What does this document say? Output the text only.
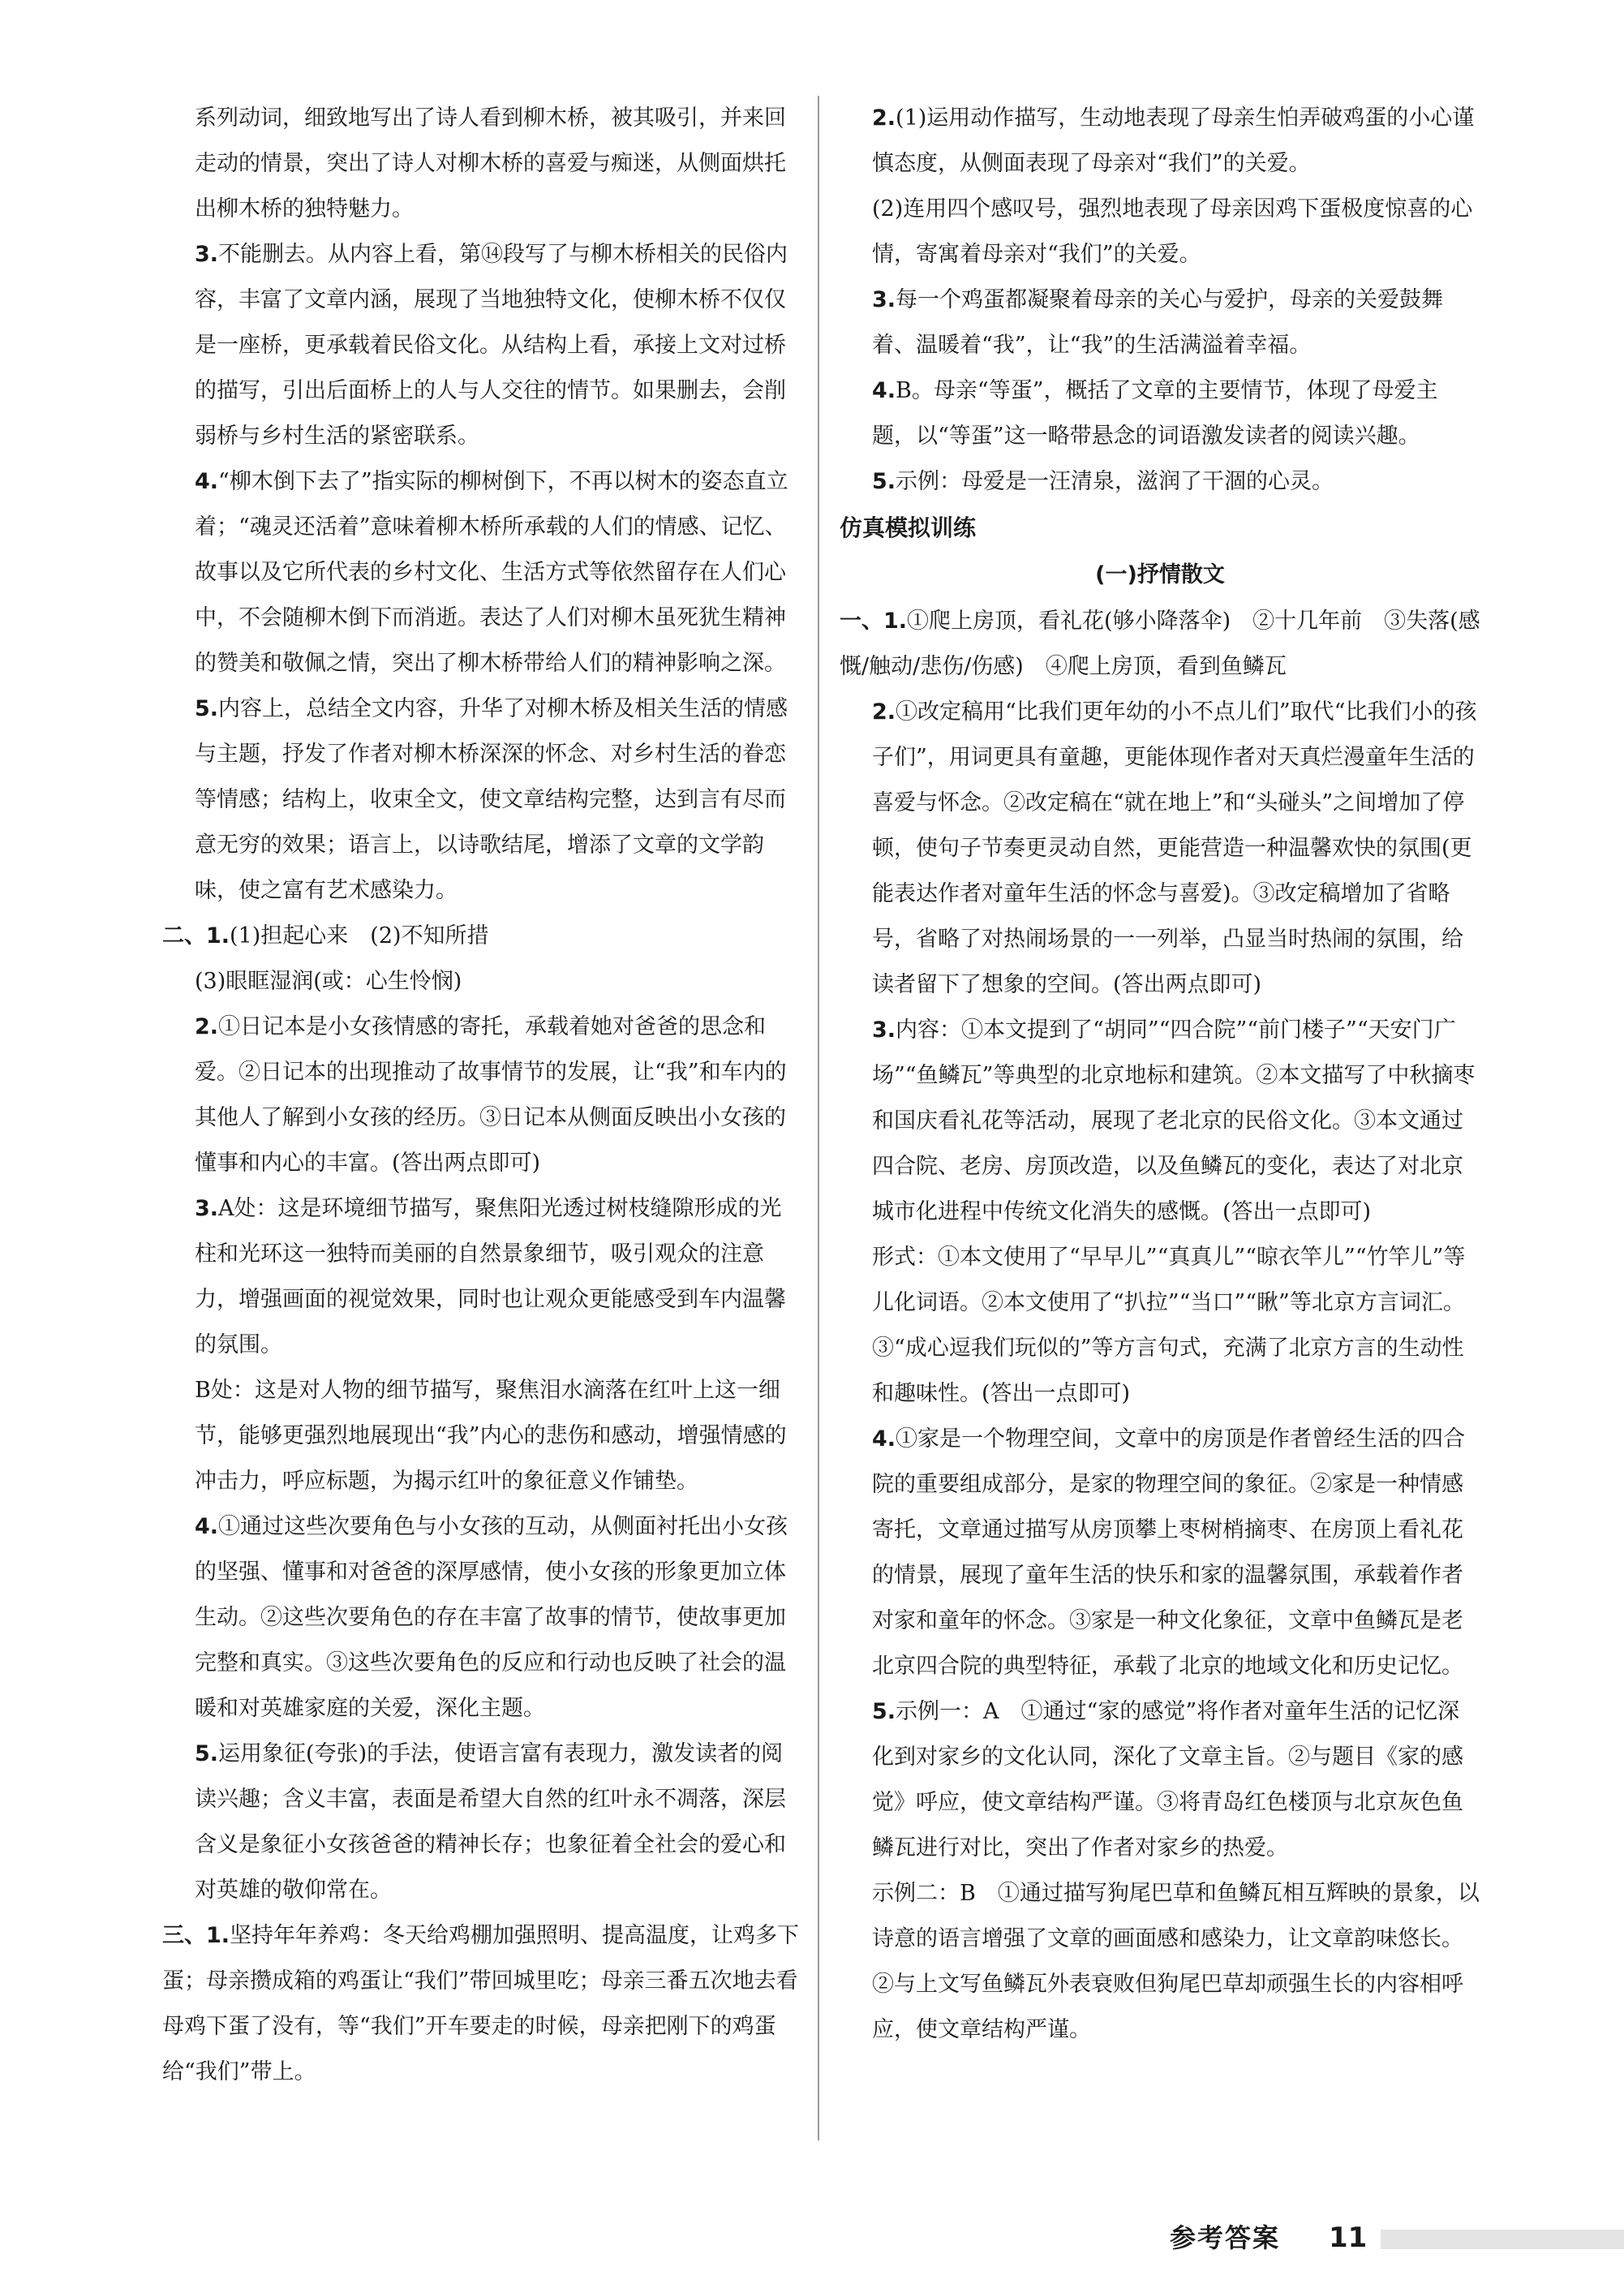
系列动词，细致地写出了诗人看到柳木桥，被其吸引，并来回走动的情景，突出了诗人对柳木桥的喜爱与痴迷，从侧面烘托出柳木桥的独特魅力。

3.不能删去。从内容上看，第⑭段写了与柳木桥相关的民俗内容，丰富了文章内涵，展现了当地独特文化，使柳木桥不仅仅是一座桥，更承载着民俗文化。从结构上看，承接上文对过桥的描写，引出后面桥上的人与人交往的情节。如果删去，会削弱桥与乡村生活的紧密联系。

4.“柳木倒下去了”指实际的柳树倒下，不再以树木的姿态直立着；“魂灵还活着”意味着柳木桥所承载的人们的情感、记忆、故事以及它所代表的乡村文化、生活方式等依然留存在人们心中，不会随柳木倒下而消逝。表达了人们对柳木虽死犹生精神的赞美和敬佩之情，突出了柳木桥带给人们的精神影响之深。

5.内容上，总结全文内容，升华了对柳木桥及相关生活的情感与主题，抒发了作者对柳木桥深深的怀念、对乡村生活的眷恋等情感；结构上，收束全文，使文章结构完整，达到言有尽而意无穷的效果；语言上，以诗歌结尾，增添了文章的文学韵味，使之富有艺术感染力。

二、1.(1)担起心来　(2)不知所措

(3)眼眶湿润(或：心生怜悯)

2.①日记本是小女孩情感的寄托，承载着她对爸爸的思念和爱。②日记本的出现推动了故事情节的发展，让“我”和车内的其他人了解到小女孩的经历。③日记本从侧面反映出小女孩的懂事和内心的丰富。(答出两点即可)

3.A处：这是环境细节描写，聚焦阳光透过树枝缝隙形成的光柱和光环这一独特而美丽的自然景象细节，吸引观众的注意力，增强画面的视觉效果，同时也让观众更能感受到车内温馨的氛围。

B处：这是对人物的细节描写，聚焦泪水滴落在红叶上这一细节，能够更强烈地展现出“我”内心的悲伤和感动，增强情感的冲击力，呼应标题，为揭示红叶的象征意义作铺垫。

4.①通过这些次要角色与小女孩的互动，从侧面衬托出小女孩的坚强、懂事和对爸爸的深厚感情，使小女孩的形象更加立体生动。②这些次要角色的存在丰富了故事的情节，使故事更加完整和真实。③这些次要角色的反应和行动也反映了社会的温暖和对英雄家庭的关爱，深化主题。

5.运用象征(夸张)的手法，使语言富有表现力，激发读者的阅读兴趣；含义丰富，表面是希望大自然的红叶永不凋落，深层含义是象征小女孩爸爸的精神长存；也象征着全社会的爱心和对英雄的敬仰常在。

三、1.坚持年年养鸡：冬天给鸡棚加强照明、提高温度，让鸡多下蛋；母亲攒成箱的鸡蛋让“我们”带回城里吃；母亲三番五次地去看母鸡下蛋了没有，等“我们”开车要走的时候，母亲把刚下的鸡蛋给“我们”带上。

2.(1)运用动作描写，生动地表现了母亲生怕弄破鸡蛋的小心谨慎态度，从侧面表现了母亲对“我们”的关爱。

(2)连用四个感叹号，强烈地表现了母亲因鸡下蛋极度惊喜的心情，寄寓着母亲对“我们”的关爱。

3.每一个鸡蛋都凝聚着母亲的关心与爱护，母亲的关爱鼓舞着、温暖着“我”，让“我”的生活满溢着幸福。

4.B。母亲“等蛋”，概括了文章的主要情节，体现了母爱主题，以“等蛋”这一略带悬念的词语激发读者的阅读兴趣。

5.示例：母爱是一汪清泉，滋润了干涸的心灵。

仿真模拟训练

(一)抒情散文

一、1.①爬上房顶，看礼花(够小降落伞)　②十几年前　③失落(感慨/触动/悲伤/伤感)　④爬上房顶，看到鱼鳞瓦

2.①改定稿用“比我们更年幼的小不点儿们”取代“比我们小的孩子们”，用词更具有童趣，更能体现作者对天真烂漫童年生活的喜爱与怀念。②改定稿在“就在地上”和“头碰头”之间增加了停顿，使句子节奏更灵动自然，更能营造一种温馨欢快的氛围(更能表达作者对童年生活的怀念与喜爱)。③改定稿增加了省略号，省略了对热闹场景的一一列举，凸显当时热闹的氛围，给读者留下了想象的空间。(答出两点即可)

3.内容：①本文提到了“胡同”“四合院”“前门楼子”“天安门广场”“鱼鳞瓦”等典型的北京地标和建筑。②本文描写了中秋摘枣和国庆看礼花等活动，展现了老北京的民俗文化。③本文通过四合院、老房、房顶改造，以及鱼鳞瓦的变化，表达了对北京城市化进程中传统文化消失的感慨。(答出一点即可)

形式：①本文使用了“早早儿”“真真儿”“晾衣竿儿”“竹竿儿”等儿化词语。②本文使用了“扒拉”“当口”“瞅”等北京方言词汇。③“成心逗我们玩似的”等方言句式，充满了北京方言的生动性和趣味性。(答出一点即可)

4.①家是一个物理空间，文章中的房顶是作者曾经生活的四合院的重要组成部分，是家的物理空间的象征。②家是一种情感寄托，文章通过描写从房顶攀上枣树梢摘枣、在房顶上看礼花的情景，展现了童年生活的快乐和家的温馨氛围，承载着作者对家和童年的怀念。③家是一种文化象征，文章中鱼鳞瓦是老北京四合院的典型特征，承载了北京的地域文化和历史记忆。

5.示例一：A　①通过“家的感觉”将作者对童年生活的记忆深化到对家乡的文化认同，深化了文章主旨。②与题目《家的感觉》呼应，使文章结构严谨。③将青岛红色楼顶与北京灰色鱼鳞瓦进行对比，突出了作者对家乡的热爱。

示例二：B　①通过描写狗尾巴草和鱼鳞瓦相互辉映的景象，以诗意的语言增强了文章的画面感和感染力，让文章韵味悠长。②与上文写鱼鳞瓦外表衰败但狗尾巴草却顽强生长的内容相呼应，使文章结构严谨。

参考答案 11
